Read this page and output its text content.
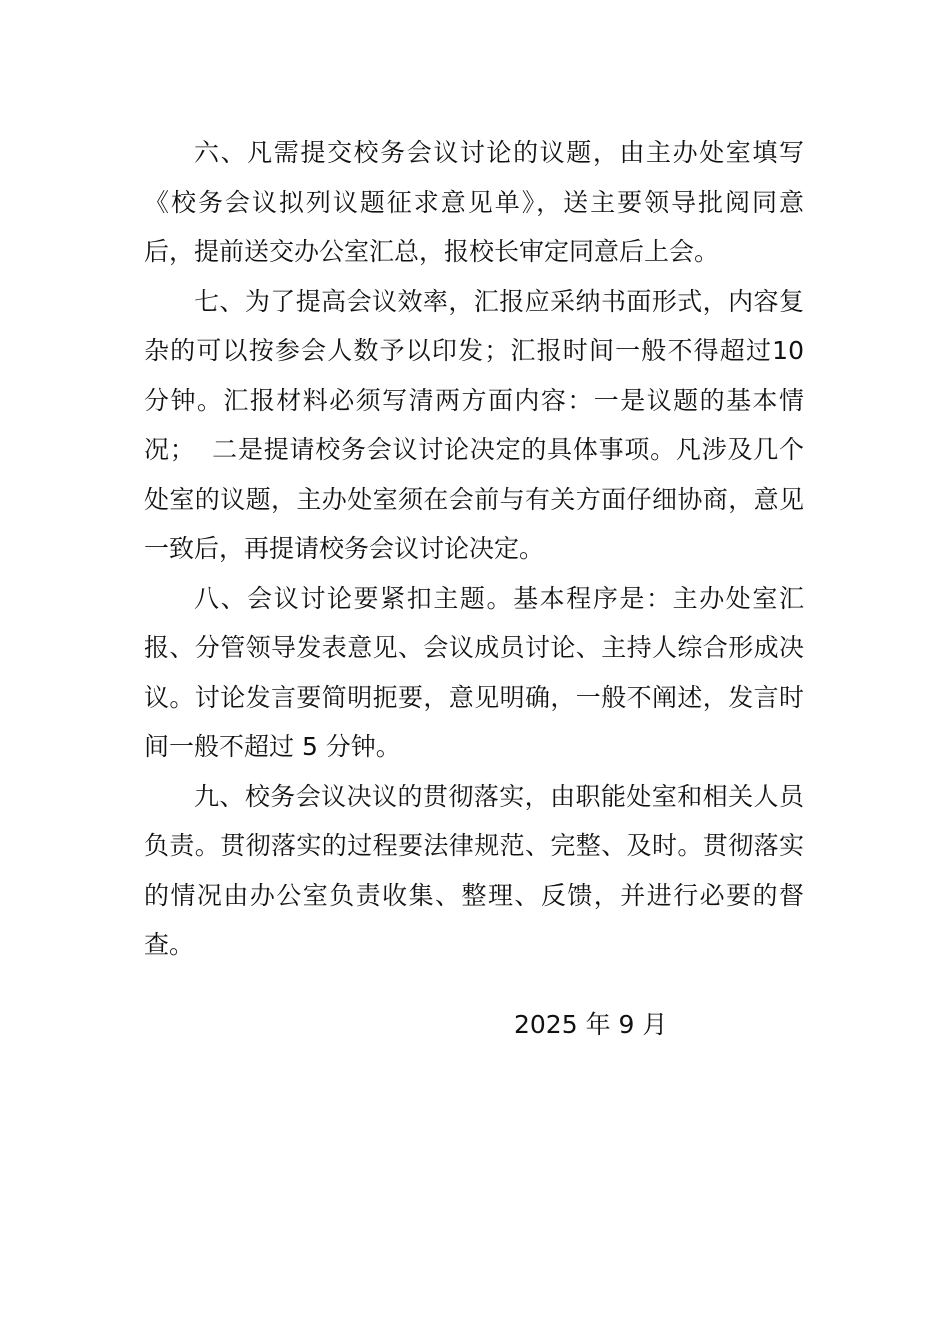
六、凡需提交校务会议讨论的议题，由主办处室填写《校务会议拟列议题征求意见单》，送主要领导批阅同意后，提前送交办公室汇总，报校长审定同意后上会。

七、为了提高会议效率，汇报应采纳书面形式，内容复杂的可以按参会人数予以印发；汇报时间一般不得超过10 分钟。汇报材料必须写清两方面内容：一是议题的基本情况；  二是提请校务会议讨论决定的具体事项。凡涉及几个处室的议题，主办处室须在会前与有关方面仔细协商，意见一致后，再提请校务会议讨论决定。

八、会议讨论要紧扣主题。基本程序是：主办处室汇报、分管领导发表意见、会议成员讨论、主持人综合形成决议。讨论发言要简明扼要，意见明确，一般不阐述，发言时间一般不超过 5 分钟。

九、校务会议决议的贯彻落实，由职能处室和相关人员负责。贯彻落实的过程要法律规范、完整、及时。贯彻落实的情况由办公室负责收集、整理、反馈，并进行必要的督查。

2025 年 9 月
